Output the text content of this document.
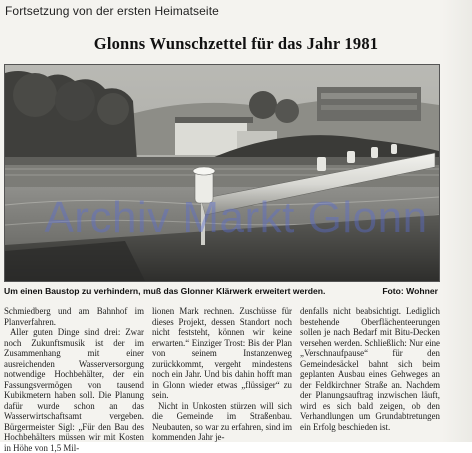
Fortsetzung von der ersten Heimatseite
Glonns Wunschzettel für das Jahr 1981
Um einen Baustop zu verhindern, muß das Glonner Klärwerk erweitert werden.	Foto: Wohner

Schmiedberg und am Bahnhof im Planverfahren.

Aller guten Dinge sind drei: Zwar noch Zukunftsmusik ist der im Zusammenhang mit einer ausreichenden Wasserversorgung notwendige Hochbehälter, der ein Fassungsvermögen von tausend Kubikmetern haben soll. Die Planung dafür wurde schon an das Wasserwirtschaftsamt vergeben. Bürgermeister Sigl: „Für den Bau des Hochbehälters müssen wir mit Kosten in Höhe von 1,5 Mil-

lionen Mark rechnen. Zuschüsse für dieses Projekt, dessen Standort noch nicht feststeht, können wir keine erwarten.“ Einziger Trost: Bis der Plan von seinem Instanzenweg zurückkommt, vergeht mindestens noch ein Jahr. Und bis dahin hofft man in Glonn wieder etwas „flüssiger“ zu sein.

Nicht in Unkosten stürzen will sich die Gemeinde im Straßenbau. Neubauten, so war zu erfahren, sind im kommenden Jahr je-

denfalls nicht beabsichtigt. Lediglich bestehende Oberflächenteerungen sollen je nach Bedarf mit Bitu-Decken versehen werden. Schließlich: Nur eine „Verschnaufpause“ für den Gemeindesäckel bahnt sich beim geplanten Ausbau eines Gehweges an der Feldkirchner Straße an. Nachdem der Planungsauftrag inzwischen läuft, wird es sich bald zeigen, ob den Verhandlungen um Grundabtretungen ein Erfolg beschieden ist.

Archiv Markt Glonn
